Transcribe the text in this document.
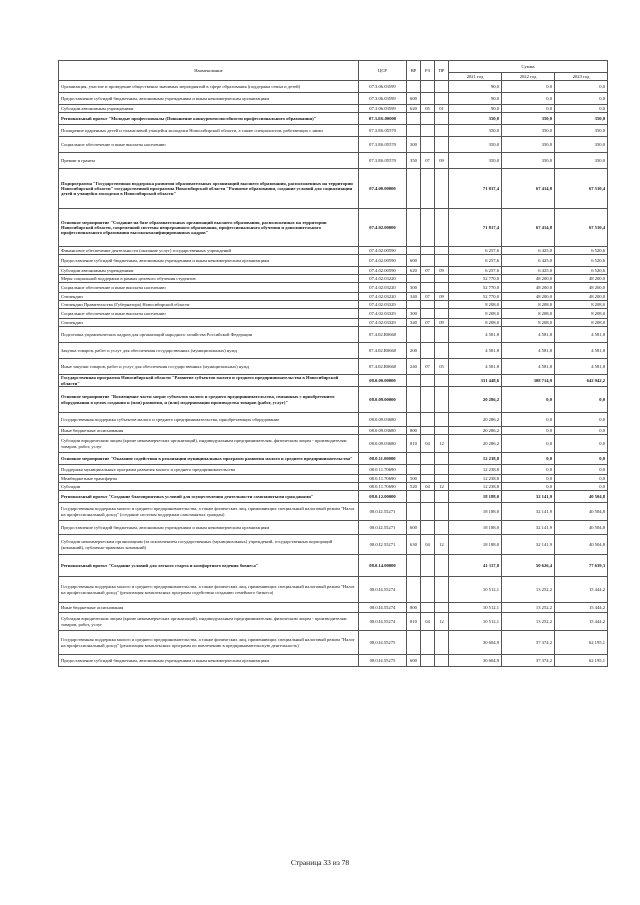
Наименование	ЦСР	ВР	РЗ	ПР	Сумма		
					2021 год	2022 год	2023 год
Организация, участие и проведение общественно значимых мероприятий в сфере образования (поддержка семьи и детей)	07.3.06.03599				90,0	0,0	0,0
Предоставление субсидий бюджетным, автономным учреждениям и иным некоммерческим организациям	07.3.06.03599	600			90,0	0,0	0,0
Субсидии автономным учреждениям	07.3.06.03599	620	05	01	90,0	0,0	0,0
Региональный проект "Молодые профессионалы (Повышение конкурентоспособности профессионального образования)"	07.3.E6.00000				350,0	350,0	350,0
Поощрение одаренных детей и талантливой учащейся молодежи Новосибирской области, а также специалистов, работающих с ними	07.3.E6.05570				350,0	350,0	350,0
Социальное обеспечение и иные выплаты населению	07.3.E6.05570	300			350,0	350,0	350,0
Премии и гранты	07.3.E6.05570	350	07	09	350,0	350,0	350,0
Подпрограмма "Государственная поддержка развития образовательных организаций высшего образования, расположенных на территории Новосибирской области" государственной программы Новосибирской области "Развитие образования, создание условий для социализации детей и учащейся молодежи в Новосибирской области"	07.4.00.00000				71 817,4	67 414,8	67 510,4
Основное мероприятие "Создание на базе образовательных организаций высшего образования, расположенных на территории Новосибирской области, современной системы непрерывного образования, профессионального обучения и дополнительного профессионального образования высококвалифицированных кадров"	07.4.02.00000				71 817,4	67 414,8	67 510,4
Финансовое обеспечение деятельности (оказание услуг) государственных учреждений	07.4.02.00590				6 257,6	6 425,0	6 520,6
Предоставление субсидий бюджетным, автономным учреждениям и иным некоммерческим организациям	07.4.02.00590	600			6 257,6	6 425,0	6 520,6
Субсидии автономным учреждениям	07.4.02.00590	620	07	09	6 257,6	6 425,0	6 520,6
Меры социальной поддержки в рамках целевого обучения студентов	07.4.02.03220				52 770,0	48 200,0	48 200,0
Социальное обеспечение и иные выплаты населению	07.4.02.03220	300			52 770,0	48 200,0	48 200,0
Стипендии	07.4.02.03220	340	07	09	52 770,0	48 200,0	48 200,0
Стипендии Правительства (Губернатора) Новосибирской области	07.4.02.03329				8 208,0	8 208,0	8 208,0
Социальное обеспечение и иные выплаты населению	07.4.02.03329	300			8 208,0	8 208,0	8 208,0
Стипендии	07.4.02.03329	340	07	09	8 208,0	8 208,0	8 208,0
Подготовка управленческих кадров для организаций народного хозяйства Российской Федерации	07.4.02.R0660				4 581,8	4 581,8	4 581,8
Закупка товаров, работ и услуг для обеспечения государственных (муниципальных) нужд	07.4.02.R0660	200			4 581,8	4 581,8	4 581,8
Иные закупки товаров, работ и услуг для обеспечения государственных (муниципальных) нужд	07.4.02.R0660	240	07	05	4 581,8	4 581,8	4 581,8
Государственная программа Новосибирской области "Развитие субъектов малого и среднего предпринимательства в Новосибирской области"	08.0.00.00000				331 448,6	308 714,9	642 942,2
Основное мероприятие "Возмещение части затрат субъектов малого и среднего предпринимательства, связанных с приобретением оборудования в целях создания и (или) развития, и (или) модернизации производства товаров (работ, услуг)"	08.0.09.00000				20 286,2	0,0	0,0
Государственная поддержка субъектов малого и среднего предпринимательства, приобретающих оборудование	08.0.09.03680				20 286,2	0,0	0,0
Иные бюджетные ассигнования	08.0.09.03680	800			20 286,2	0,0	0,0
Субсидии юридическим лицам (кроме некоммерческих организаций), индивидуальным предпринимателям, физическим лицам - производителям товаров, работ, услуг	08.0.09.03680	810	04	12	20 286,2	0,0	0,0
Основное мероприятие "Оказание содействия в реализации муниципальных программ развития малого и среднего предпринимательства"	08.0.11.00000				12 238,8	0,0	0,0
Поддержка муниципальных программ развития малого и среднего предпринимательства	08.0.11.70690				12 238,8	0,0	0,0
Межбюджетные трансферты	08.0.11.70690	500			12 238,8	0,0	0,0
Субсидии	08.0.11.70690	520	04	12	12 238,8	0,0	0,0
Региональный проект "Создание благоприятных условий для осуществления деятельности самозанятыми гражданами"	08.0.12.00000				18 188,0	32 141,9	40 504,8
Государственная поддержка малого и среднего предпринимательства, а также физических лиц, применяющих специальный налоговый режим "Налог на профессиональный доход" (создание системы поддержки самозанятых граждан)	08.0.I2.55271				18 188,0	32 141,9	40 504,8
Предоставление субсидий бюджетным, автономным учреждениям и иным некоммерческим организациям	08.0.I2.55271	600			18 188,0	32 141,9	40 504,8
Субсидии некоммерческим организациям (за исключением государственных (муниципальных) учреждений, государственных корпораций (компаний), публично-правовых компаний)	08.0.I2.55271	630	04	12	18 188,0	32 141,9	40 504,8
Региональный проект "Создание условий для легкого старта и комфортного ведения бизнеса"	08.0.14.00000				41 117,0	50 626,4	77 639,3
Государственная поддержка малого и среднего предпринимательства, а также физических лиц, применяющих специальный налоговый режим "Налог на профессиональный доход" (реализация комплексных программ содействия созданию семейного бизнеса)	08.0.I4.55274				10 512,1	13 252,2	15 444,2
Иные бюджетные ассигнования	08.0.I4.55274	800			10 512,1	13 252,2	15 444,2
Субсидии юридическим лицам (кроме некоммерческих организаций), индивидуальным предпринимателям, физическим лицам - производителям товаров, работ, услуг	08.0.I4.55274	810	04	12	10 512,1	13 252,2	15 444,2
Государственная поддержка малого и среднего предпринимательства, а также физических лиц, применяющих специальный налоговый режим "Налог на профессиональный доход" (реализация комплексных программ по вовлечению в предпринимательскую деятельность)	08.0.I4.55275				30 604,9	37 374,2	62 195,1
Предоставление субсидий бюджетным, автономным учреждениям и иным некоммерческим организациям	08.0.I4.55275	600			30 604,9	37 374,2	62 195,1
Страница 33 из 78
